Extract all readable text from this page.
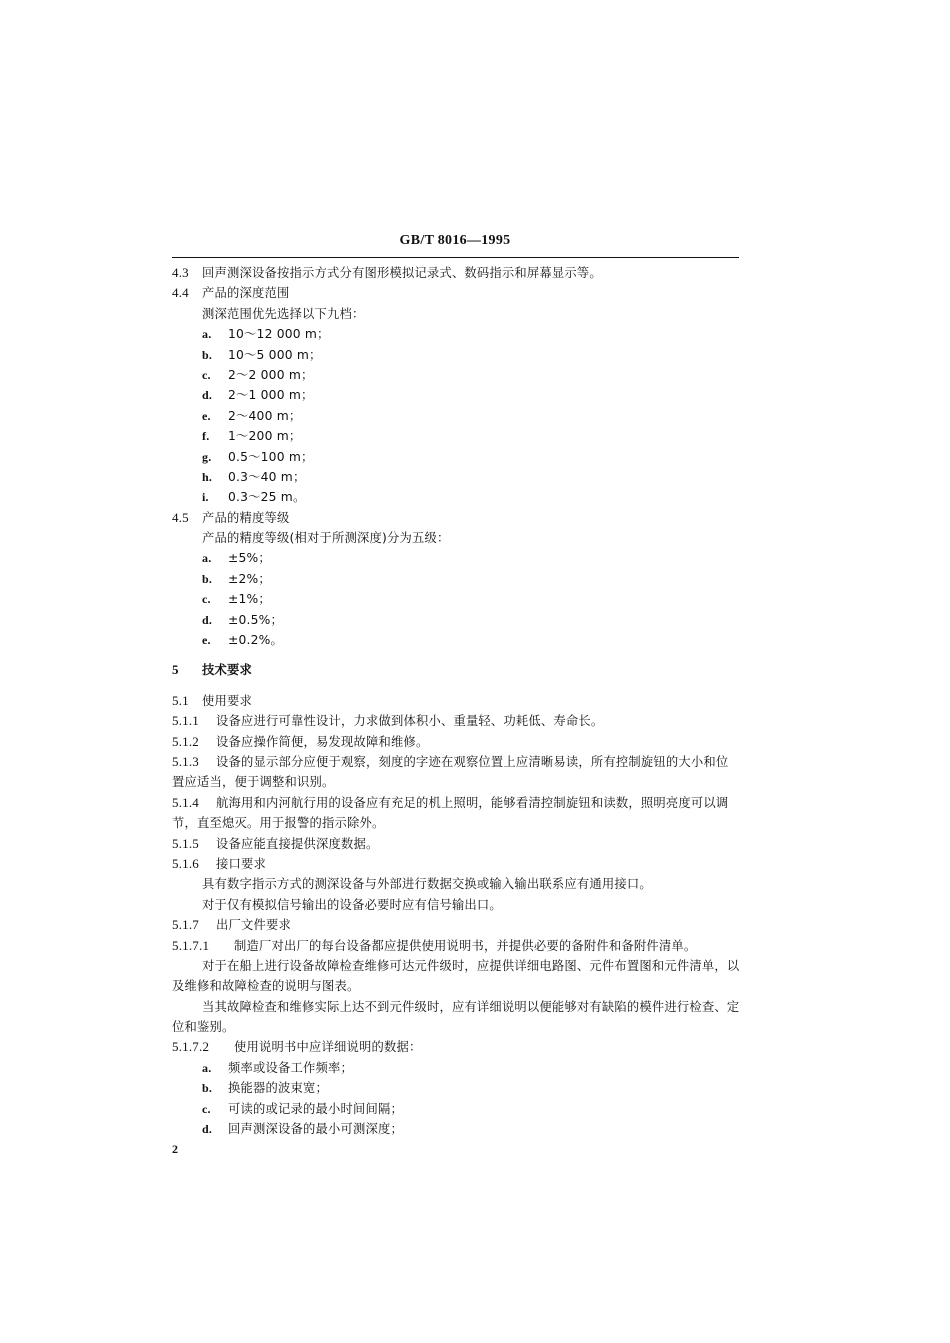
GB/T 8016—1995
4.3 回声测深设备按指示方式分有图形模拟记录式、数码指示和屏幕显示等。
4.4 产品的深度范围
测深范围优先选择以下九档：
a. 10～12 000 m；
b. 10～5 000 m；
c. 2～2 000 m；
d. 2～1 000 m；
e. 2～400 m；
f. 1～200 m；
g. 0.5～100 m；
h. 0.3～40 m；
i. 0.3～25 m。
4.5 产品的精度等级
产品的精度等级(相对于所测深度)分为五级：
a. ±5%；
b. ±2%；
c. ±1%；
d. ±0.5%；
e. ±0.2%。
5 技术要求
5.1 使用要求
5.1.1 设备应进行可靠性设计，力求做到体积小、重量轻、功耗低、寿命长。
5.1.2 设备应操作简便，易发现故障和维修。
5.1.3 设备的显示部分应便于观察，刻度的字迹在观察位置上应清晰易读，所有控制旋钮的大小和位
置应适当，便于调整和识别。
5.1.4 航海用和内河航行用的设备应有充足的机上照明，能够看清控制旋钮和读数，照明亮度可以调
节，直至熄灭。用于报警的指示除外。
5.1.5 设备应能直接提供深度数据。
5.1.6 接口要求
具有数字指示方式的测深设备与外部进行数据交换或输入输出联系应有通用接口。
对于仅有模拟信号输出的设备必要时应有信号输出口。
5.1.7 出厂文件要求
5.1.7.1 制造厂对出厂的每台设备都应提供使用说明书，并提供必要的备附件和备附件清单。
对于在船上进行设备故障检查维修可达元件级时，应提供详细电路图、元件布置图和元件清单，以
及维修和故障检查的说明与图表。
当其故障检查和维修实际上达不到元件级时，应有详细说明以便能够对有缺陷的模件进行检查、定
位和鉴别。
5.1.7.2 使用说明书中应详细说明的数据：
a. 频率或设备工作频率；
b. 换能器的波束宽；
c. 可读的或记录的最小时间间隔；
d. 回声测深设备的最小可测深度；
2
